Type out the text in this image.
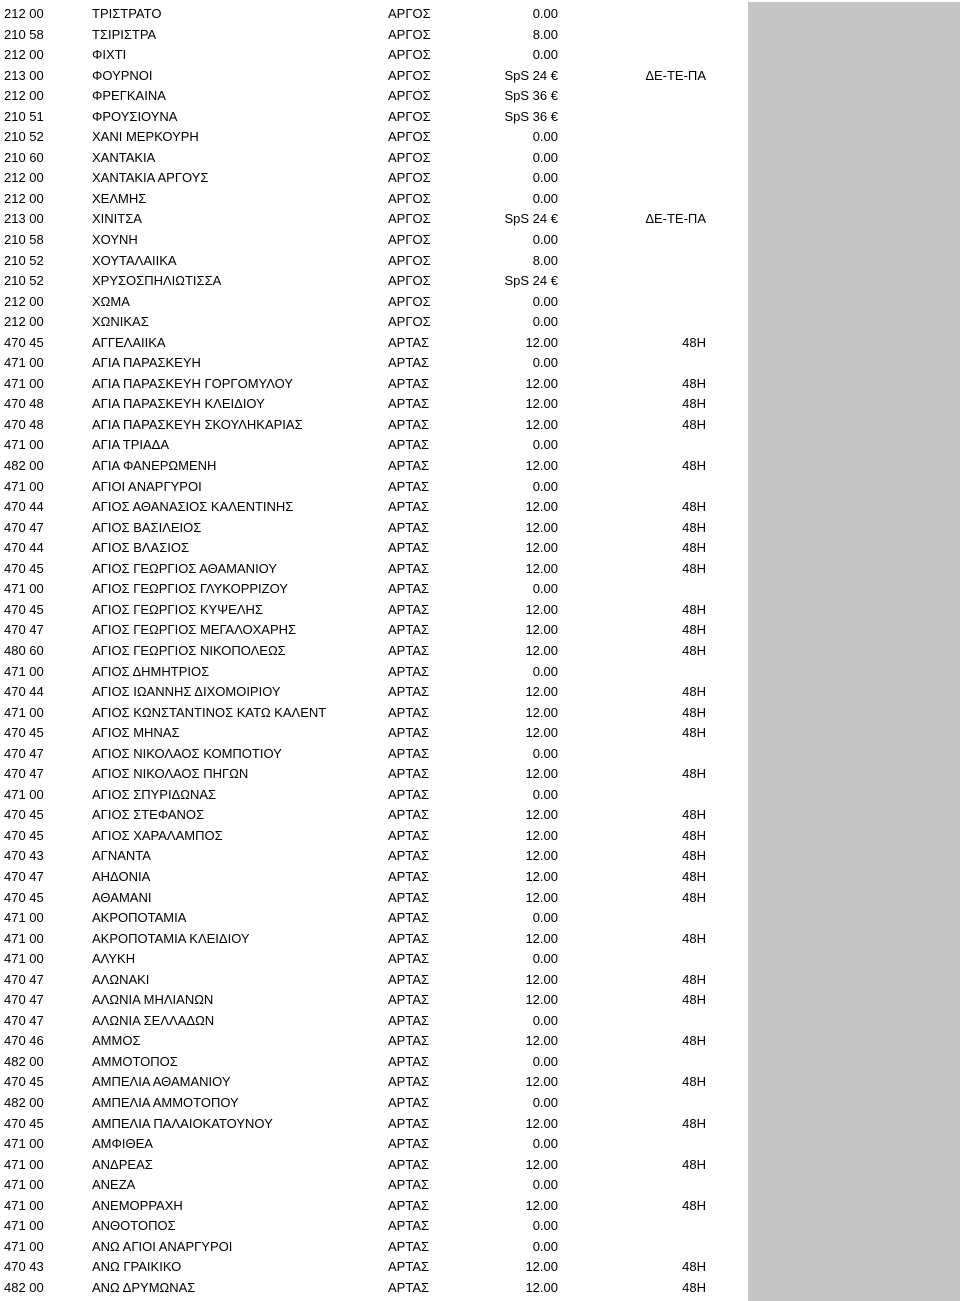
212 00	ΤΡΙΣΤΡΑΤΟ	ΑΡΓΟΣ	0.00
210 58	ΤΣΙΡΙΣΤΡΑ	ΑΡΓΟΣ	8.00
212 00	ΦΙΧΤΙ	ΑΡΓΟΣ	0.00
213 00	ΦΟΥΡΝΟΙ	ΑΡΓΟΣ	SpS 24 €	ΔΕ-ΤΕ-ΠΑ
212 00	ΦΡΕΓΚΑΙΝΑ	ΑΡΓΟΣ	SpS 36 €
210 51	ΦΡΟΥΣΙΟΥΝΑ	ΑΡΓΟΣ	SpS 36 €
210 52	ΧΑΝΙ ΜΕΡΚΟΥΡΗ	ΑΡΓΟΣ	0.00
210 60	ΧΑΝΤΑΚΙΑ	ΑΡΓΟΣ	0.00
212 00	ΧΑΝΤΑΚΙΑ ΑΡΓΟΥΣ	ΑΡΓΟΣ	0.00
212 00	ΧΕΛΜΗΣ	ΑΡΓΟΣ	0.00
213 00	ΧΙΝΙΤΣΑ	ΑΡΓΟΣ	SpS 24 €	ΔΕ-ΤΕ-ΠΑ
210 58	ΧΟΥΝΗ	ΑΡΓΟΣ	0.00
210 52	ΧΟΥΤΑΛΑΙΙΚΑ	ΑΡΓΟΣ	8.00
210 52	ΧΡΥΣΟΣΠΗΛΙΩΤΙΣΣΑ	ΑΡΓΟΣ	SpS 24 €
212 00	ΧΩΜΑ	ΑΡΓΟΣ	0.00
212 00	ΧΩΝΙΚΑΣ	ΑΡΓΟΣ	0.00
470 45	ΑΓΓΕΛΑΙΙΚΑ	ΑΡΤΑΣ	12.00	48Η
471 00	ΑΓΙΑ ΠΑΡΑΣΚΕΥΗ	ΑΡΤΑΣ	0.00
471 00	ΑΓΙΑ ΠΑΡΑΣΚΕΥΗ ΓΟΡΓΟΜΥΛΟΥ	ΑΡΤΑΣ	12.00	48Η
470 48	ΑΓΙΑ ΠΑΡΑΣΚΕΥΗ ΚΛΕΙΔΙΟΥ	ΑΡΤΑΣ	12.00	48Η
470 48	ΑΓΙΑ ΠΑΡΑΣΚΕΥΗ ΣΚΟΥΛΗΚΑΡΙΑΣ	ΑΡΤΑΣ	12.00	48Η
471 00	ΑΓΙΑ ΤΡΙΑΔΑ	ΑΡΤΑΣ	0.00
482 00	ΑΓΙΑ ΦΑΝΕΡΩΜΕΝΗ	ΑΡΤΑΣ	12.00	48Η
471 00	ΑΓΙΟΙ ΑΝΑΡΓΥΡΟΙ	ΑΡΤΑΣ	0.00
470 44	ΑΓΙΟΣ ΑΘΑΝΑΣΙΟΣ ΚΑΛΕΝΤΙΝΗΣ	ΑΡΤΑΣ	12.00	48Η
470 47	ΑΓΙΟΣ ΒΑΣΙΛΕΙΟΣ	ΑΡΤΑΣ	12.00	48Η
470 44	ΑΓΙΟΣ ΒΛΑΣΙΟΣ	ΑΡΤΑΣ	12.00	48Η
470 45	ΑΓΙΟΣ ΓΕΩΡΓΙΟΣ ΑΘΑΜΑΝΙΟΥ	ΑΡΤΑΣ	12.00	48Η
471 00	ΑΓΙΟΣ ΓΕΩΡΓΙΟΣ ΓΛΥΚΟΡΡΙΖΟΥ	ΑΡΤΑΣ	0.00
470 45	ΑΓΙΟΣ ΓΕΩΡΓΙΟΣ ΚΥΨΕΛΗΣ	ΑΡΤΑΣ	12.00	48Η
470 47	ΑΓΙΟΣ ΓΕΩΡΓΙΟΣ ΜΕΓΑΛΟΧΑΡΗΣ	ΑΡΤΑΣ	12.00	48Η
480 60	ΑΓΙΟΣ ΓΕΩΡΓΙΟΣ ΝΙΚΟΠΟΛΕΩΣ	ΑΡΤΑΣ	12.00	48Η
471 00	ΑΓΙΟΣ ΔΗΜΗΤΡΙΟΣ	ΑΡΤΑΣ	0.00
470 44	ΑΓΙΟΣ ΙΩΑΝΝΗΣ ΔΙΧΟΜΟΙΡΙΟΥ	ΑΡΤΑΣ	12.00	48Η
471 00	ΑΓΙΟΣ ΚΩΝΣΤΑΝΤΙΝΟΣ ΚΑΤΩ ΚΑΛΕΝΤ	ΑΡΤΑΣ	12.00	48Η
470 45	ΑΓΙΟΣ ΜΗΝΑΣ	ΑΡΤΑΣ	12.00	48Η
470 47	ΑΓΙΟΣ ΝΙΚΟΛΑΟΣ ΚΟΜΠΟΤΙΟΥ	ΑΡΤΑΣ	0.00
470 47	ΑΓΙΟΣ ΝΙΚΟΛΑΟΣ ΠΗΓΩΝ	ΑΡΤΑΣ	12.00	48Η
471 00	ΑΓΙΟΣ ΣΠΥΡΙΔΩΝΑΣ	ΑΡΤΑΣ	0.00
470 45	ΑΓΙΟΣ ΣΤΕΦΑΝΟΣ	ΑΡΤΑΣ	12.00	48Η
470 45	ΑΓΙΟΣ ΧΑΡΑΛΑΜΠΟΣ	ΑΡΤΑΣ	12.00	48Η
470 43	ΑΓΝΑΝΤΑ	ΑΡΤΑΣ	12.00	48Η
470 47	ΑΗΔΟΝΙΑ	ΑΡΤΑΣ	12.00	48Η
470 45	ΑΘΑΜΑΝΙ	ΑΡΤΑΣ	12.00	48Η
471 00	ΑΚΡΟΠΟΤΑΜΙΑ	ΑΡΤΑΣ	0.00
471 00	ΑΚΡΟΠΟΤΑΜΙΑ ΚΛΕΙΔΙΟΥ	ΑΡΤΑΣ	12.00	48Η
471 00	ΑΛΥΚΗ	ΑΡΤΑΣ	0.00
470 47	ΑΛΩΝΑΚΙ	ΑΡΤΑΣ	12.00	48Η
470 47	ΑΛΩΝΙΑ ΜΗΛΙΑΝΩΝ	ΑΡΤΑΣ	12.00	48Η
470 47	ΑΛΩΝΙΑ ΣΕΛΛΑΔΩΝ	ΑΡΤΑΣ	0.00
470 46	ΑΜΜΟΣ	ΑΡΤΑΣ	12.00	48Η
482 00	ΑΜΜΟΤΟΠΟΣ	ΑΡΤΑΣ	0.00
470 45	ΑΜΠΕΛΙΑ ΑΘΑΜΑΝΙΟΥ	ΑΡΤΑΣ	12.00	48Η
482 00	ΑΜΠΕΛΙΑ ΑΜΜΟΤΟΠΟΥ	ΑΡΤΑΣ	0.00
470 45	ΑΜΠΕΛΙΑ ΠΑΛΑΙΟΚΑΤΟΥΝΟΥ	ΑΡΤΑΣ	12.00	48Η
471 00	ΑΜΦΙΘΕΑ	ΑΡΤΑΣ	0.00
471 00	ΑΝΔΡΕΑΣ	ΑΡΤΑΣ	12.00	48Η
471 00	ΑΝΕΖΑ	ΑΡΤΑΣ	0.00
471 00	ΑΝΕΜΟΡΡΑΧΗ	ΑΡΤΑΣ	12.00	48Η
471 00	ΑΝΘΟΤΟΠΟΣ	ΑΡΤΑΣ	0.00
471 00	ΑΝΩ ΑΓΙΟΙ ΑΝΑΡΓΥΡΟΙ	ΑΡΤΑΣ	0.00
470 43	ΑΝΩ ΓΡΑΙΚΙΚΟ	ΑΡΤΑΣ	12.00	48Η
482 00	ΑΝΩ ΔΡΥΜΩΝΑΣ	ΑΡΤΑΣ	12.00	48Η
